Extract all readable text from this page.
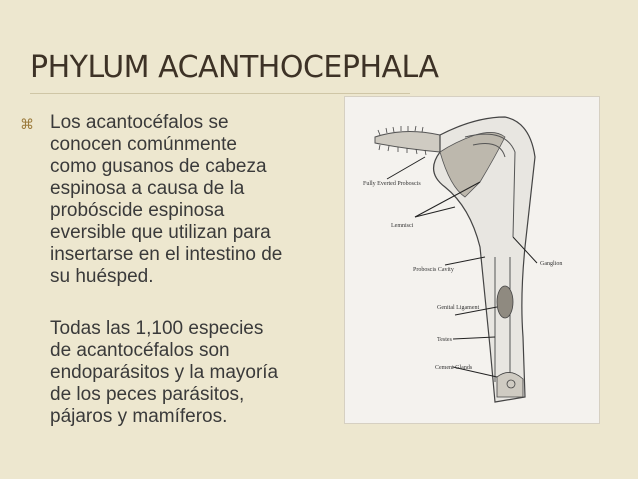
PHYLUM ACANTHOCEPHALA
⌘ Los acantocéfalos se
conocen comúnmente
como gusanos de cabeza
espinosa a causa de la
probóscide espinosa
eversible que utilizan para
insertarse en el intestino de
su huésped.

Todas las 1,100 especies
de acantocéfalos son
endoparásitos y la mayoría
de los peces parásitos,
pájaros y mamíferos.

Fully Everted Proboscis
Lemnisci
Ganglion
Proboscis Cavity
Genital Ligament
Testes
Cement Glands
